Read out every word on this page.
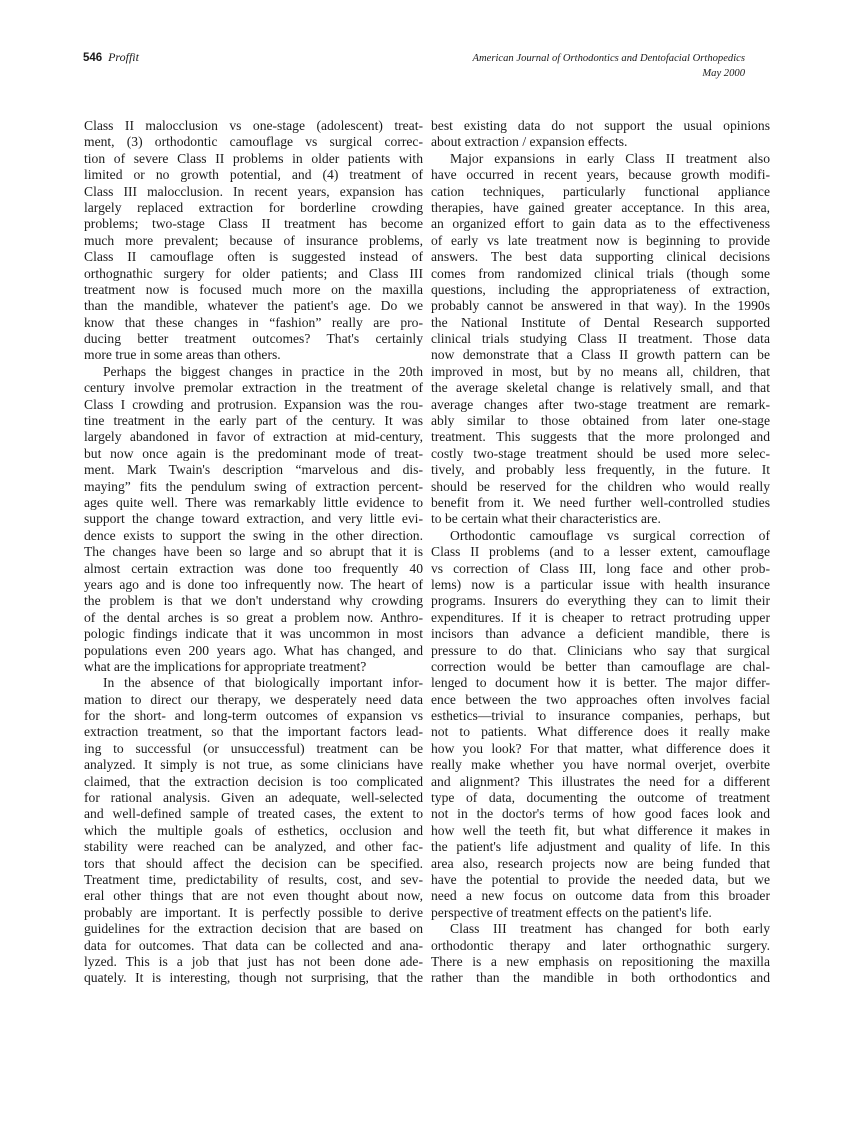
546 Proffit	American Journal of Orthodontics and Dentofacial Orthopedics
May 2000
Class II malocclusion vs one-stage (adolescent) treat-
ment, (3) orthodontic camouflage vs surgical correc-
tion of severe Class II problems in older patients with
limited or no growth potential, and (4) treatment of
Class III malocclusion. In recent years, expansion has
largely replaced extraction for borderline crowding
problems; two-stage Class II treatment has become
much more prevalent; because of insurance problems,
Class II camouflage often is suggested instead of
orthognathic surgery for older patients; and Class III
treatment now is focused much more on the maxilla
than the mandible, whatever the patient's age. Do we
know that these changes in “fashion” really are pro-
ducing better treatment outcomes? That's certainly
more true in some areas than others.
Perhaps the biggest changes in practice in the 20th
century involve premolar extraction in the treatment of
Class I crowding and protrusion. Expansion was the rou-
tine treatment in the early part of the century. It was
largely abandoned in favor of extraction at mid-century,
but now once again is the predominant mode of treat-
ment. Mark Twain's description “marvelous and dis-
maying” fits the pendulum swing of extraction percent-
ages quite well. There was remarkably little evidence to
support the change toward extraction, and very little evi-
dence exists to support the swing in the other direction.
The changes have been so large and so abrupt that it is
almost certain extraction was done too frequently 40
years ago and is done too infrequently now. The heart of
the problem is that we don't understand why crowding
of the dental arches is so great a problem now. Anthro-
pologic findings indicate that it was uncommon in most
populations even 200 years ago. What has changed, and
what are the implications for appropriate treatment?
In the absence of that biologically important infor-
mation to direct our therapy, we desperately need data
for the short- and long-term outcomes of expansion vs
extraction treatment, so that the important factors lead-
ing to successful (or unsuccessful) treatment can be
analyzed. It simply is not true, as some clinicians have
claimed, that the extraction decision is too complicated
for rational analysis. Given an adequate, well-selected
and well-defined sample of treated cases, the extent to
which the multiple goals of esthetics, occlusion and
stability were reached can be analyzed, and other fac-
tors that should affect the decision can be specified.
Treatment time, predictability of results, cost, and sev-
eral other things that are not even thought about now,
probably are important. It is perfectly possible to derive
guidelines for the extraction decision that are based on
data for outcomes. That data can be collected and ana-
lyzed. This is a job that just has not been done ade-
quately. It is interesting, though not surprising, that the
best existing data do not support the usual opinions
about extraction / expansion effects.
Major expansions in early Class II treatment also
have occurred in recent years, because growth modifi-
cation techniques, particularly functional appliance
therapies, have gained greater acceptance. In this area,
an organized effort to gain data as to the effectiveness
of early vs late treatment now is beginning to provide
answers. The best data supporting clinical decisions
comes from randomized clinical trials (though some
questions, including the appropriateness of extraction,
probably cannot be answered in that way). In the 1990s
the National Institute of Dental Research supported
clinical trials studying Class II treatment. Those data
now demonstrate that a Class II growth pattern can be
improved in most, but by no means all, children, that
the average skeletal change is relatively small, and that
average changes after two-stage treatment are remark-
ably similar to those obtained from later one-stage
treatment. This suggests that the more prolonged and
costly two-stage treatment should be used more selec-
tively, and probably less frequently, in the future. It
should be reserved for the children who would really
benefit from it. We need further well-controlled studies
to be certain what their characteristics are.
Orthodontic camouflage vs surgical correction of
Class II problems (and to a lesser extent, camouflage
vs correction of Class III, long face and other prob-
lems) now is a particular issue with health insurance
programs. Insurers do everything they can to limit their
expenditures. If it is cheaper to retract protruding upper
incisors than advance a deficient mandible, there is
pressure to do that. Clinicians who say that surgical
correction would be better than camouflage are chal-
lenged to document how it is better. The major differ-
ence between the two approaches often involves facial
esthetics—trivial to insurance companies, perhaps, but
not to patients. What difference does it really make
how you look? For that matter, what difference does it
really make whether you have normal overjet, overbite
and alignment? This illustrates the need for a different
type of data, documenting the outcome of treatment
not in the doctor's terms of how good faces look and
how well the teeth fit, but what difference it makes in
the patient's life adjustment and quality of life. In this
area also, research projects now are being funded that
have the potential to provide the needed data, but we
need a new focus on outcome data from this broader
perspective of treatment effects on the patient's life.
Class III treatment has changed for both early
orthodontic therapy and later orthognathic surgery.
There is a new emphasis on repositioning the maxilla
rather than the mandible in both orthodontics and
